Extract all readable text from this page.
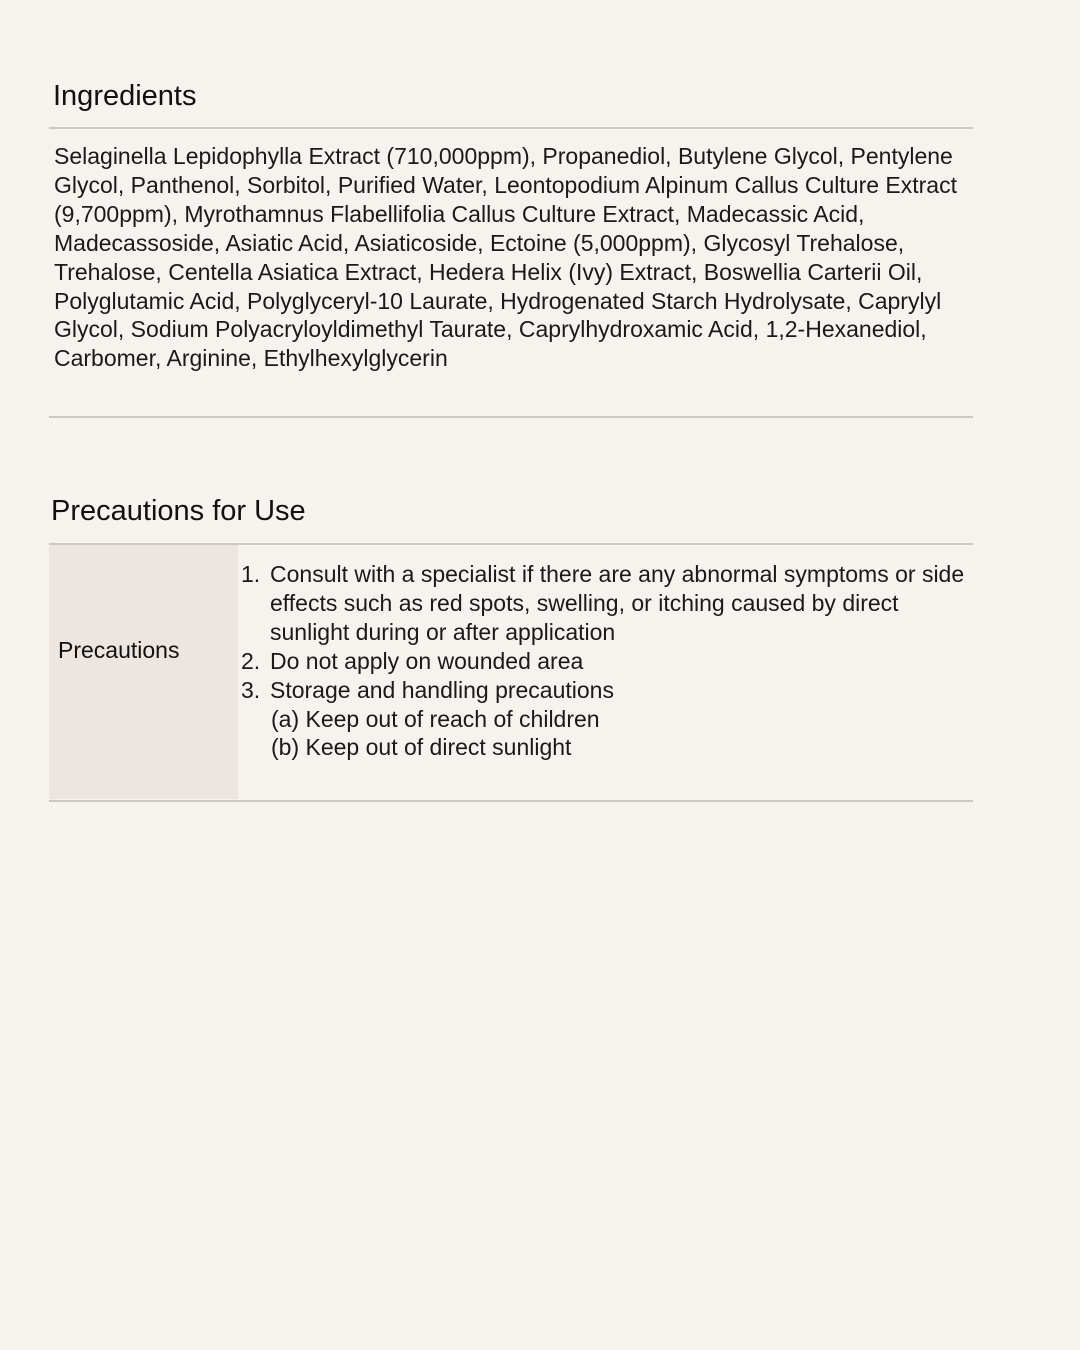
Ingredients

Selaginella Lepidophylla Extract (710,000ppm), Propanediol, Butylene Glycol, Pentylene Glycol, Panthenol, Sorbitol, Purified Water, Leontopodium Alpinum Callus Culture Extract (9,700ppm), Myrothamnus Flabellifolia Callus Culture Extract, Madecassic Acid, Madecassoside, Asiatic Acid, Asiaticoside, Ectoine (5,000ppm), Glycosyl Trehalose, Trehalose, Centella Asiatica Extract, Hedera Helix (Ivy) Extract, Boswellia Carterii Oil, Polyglutamic Acid, Polyglyceryl-10 Laurate, Hydrogenated Starch Hydrolysate, Caprylyl Glycol, Sodium Polyacryloyldimethyl Taurate, Caprylhydroxamic Acid, 1,2-Hexanediol, Carbomer, Arginine, Ethylhexylglycerin

Precautions for Use
Precautions
1. Consult with a specialist if there are any abnormal symptoms or side effects such as red spots, swelling, or itching caused by direct sunlight during or after application
2. Do not apply on wounded area
3. Storage and handling precautions
(a) Keep out of reach of children
(b) Keep out of direct sunlight
